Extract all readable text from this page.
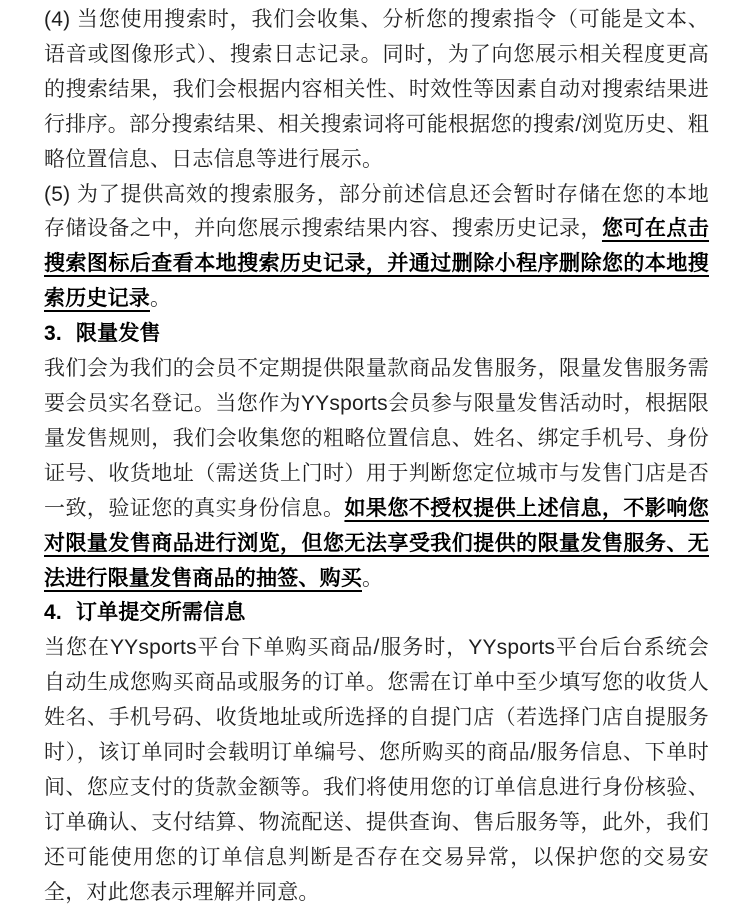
(4) 当您使用搜索时，我们会收集、分析您的搜索指令（可能是文本、语音或图像形式）、搜索日志记录。同时，为了向您展示相关程度更高的搜索结果，我们会根据内容相关性、时效性等因素自动对搜索结果进行排序。部分搜索结果、相关搜索词将可能根据您的搜索/浏览历史、粗略位置信息、日志信息等进行展示。

(5) 为了提供高效的搜索服务，部分前述信息还会暂时存储在您的本地存储设备之中，并向您展示搜索结果内容、搜索历史记录，您可在点击搜索图标后查看本地搜索历史记录，并通过删除小程序删除您的本地搜索历史记录。

3. 限量发售

我们会为我们的会员不定期提供限量款商品发售服务，限量发售服务需要会员实名登记。当您作为YYsports会员参与限量发售活动时，根据限量发售规则，我们会收集您的粗略位置信息、姓名、绑定手机号、身份证号、收货地址（需送货上门时）用于判断您定位城市与发售门店是否一致，验证您的真实身份信息。如果您不授权提供上述信息，不影响您对限量发售商品进行浏览，但您无法享受我们提供的限量发售服务、无法进行限量发售商品的抽签、购买。

4. 订单提交所需信息

当您在YYsports平台下单购买商品/服务时，YYsports平台后台系统会自动生成您购买商品或服务的订单。您需在订单中至少填写您的收货人姓名、手机号码、收货地址或所选择的自提门店（若选择门店自提服务时），该订单同时会载明订单编号、您所购买的商品/服务信息、下单时间、您应支付的货款金额等。我们将使用您的订单信息进行身份核验、订单确认、支付结算、物流配送、提供查询、售后服务等，此外，我们还可能使用您的订单信息判断是否存在交易异常，以保护您的交易安全，对此您表示理解并同意。
